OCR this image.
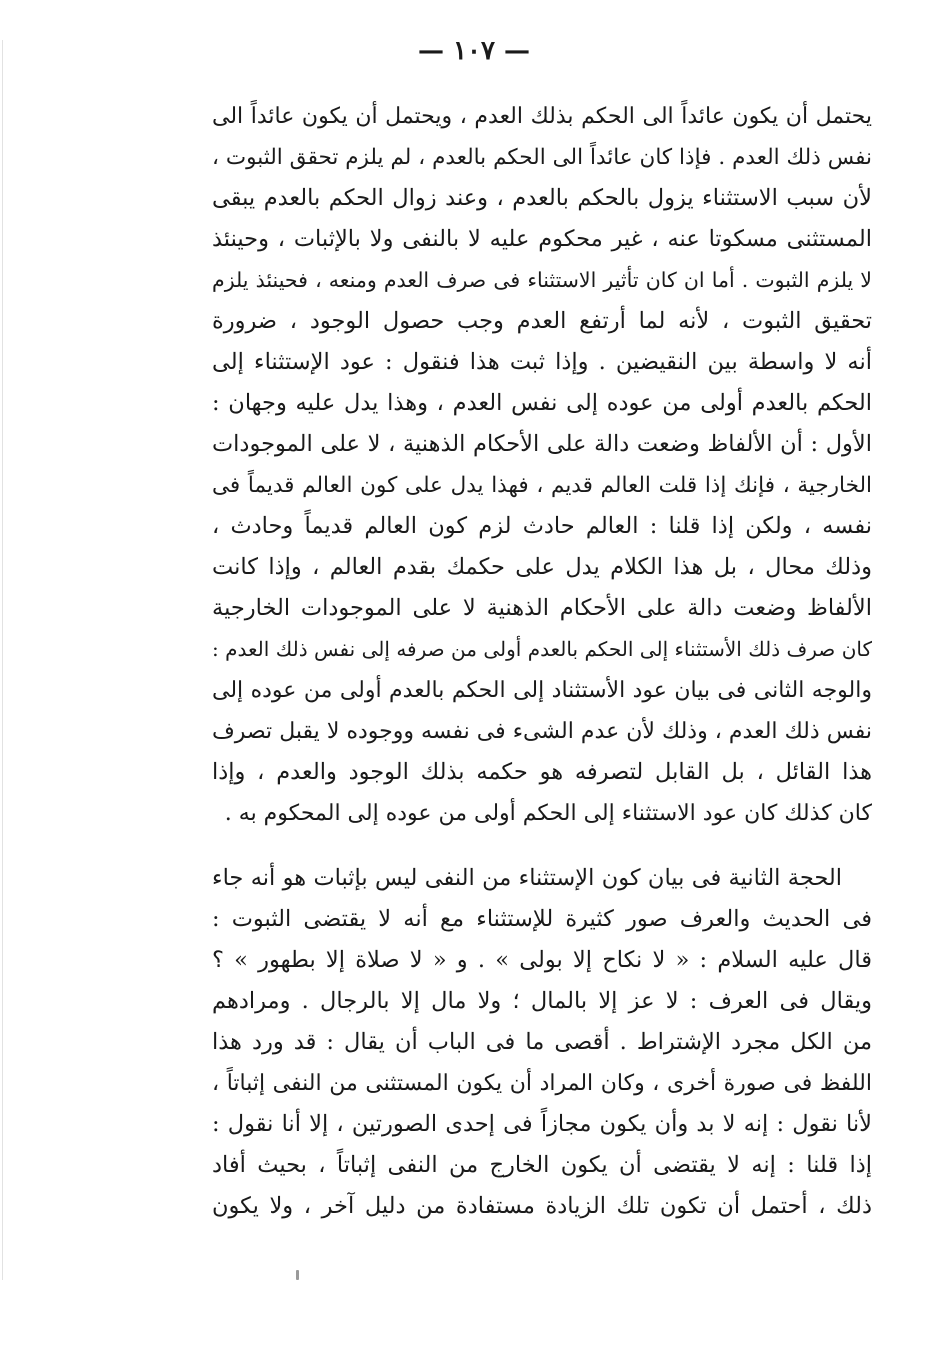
— ١٠٧ —
يحتمل أن يكون عائداً الى الحكم بذلك العدم ، ويحتمل أن يكون عائداً الى
نفس ذلك العدم . فإذا كان عائداً الى الحكم بالعدم ، لم يلزم تحقق الثبوت ،
لأن سبب الاستثناء يزول بالحكم بالعدم ، وعند زوال الحكم بالعدم يبقى
المستثنى مسكوتا عنه ، غير محكوم عليه لا بالنفى ولا بالإثبات ، وحينئذ
لا يلزم الثبوت . أما ان كان تأثير الاستثناء فى صرف العدم ومنعه ، فحينئذ يلزم
تحقيق الثبوت ، لأنه لما أرتفع العدم وجب حصول الوجود ، ضرورة
أنه لا واسطة بين النقيضين . وإذا ثبت هذا فنقول : عود الإستثناء إلى
الحكم بالعدم أولى من عوده إلى نفس العدم ، وهذا يدل عليه وجهان :
الأول : أن الألفاظ وضعت دالة على الأحكام الذهنية ، لا على الموجودات
الخارجية ، فإنك إذا قلت العالم قديم ، فهذا يدل على كون العالم قديماً فى
نفسه ، ولكن إذا قلنا : العالم حادث لزم كون العالم قديماً وحادث ،
وذلك محال ، بل هذا الكلام يدل على حكمك بقدم العالم ، وإذا كانت
الألفاظ وضعت دالة على الأحكام الذهنية لا على الموجودات الخارجية
كان صرف ذلك الأستثناء إلى الحكم بالعدم أولى من صرفه إلى نفس ذلك العدم :
والوجه الثانى فى بيان عود الأستثناد إلى الحكم بالعدم أولى من عوده إلى
نفس ذلك العدم ، وذلك لأن عدم الشىء فى نفسه ووجوده لا يقبل تصرف
هذا القائل ، بل القابل لتصرفه هو حكمه بذلك الوجود والعدم ، وإذا
كان كذلك كان عود الاستثناء إلى الحكم أولى من عوده إلى المحكوم به .
الحجة الثانية فى بيان كون الإستثناء من النفى ليس بإثبات هو أنه جاء
فى الحديث والعرف صور كثيرة للإستثناء مع أنه لا يقتضى الثبوت :
قال عليه السلام : « لا نكاح إلا بولى » . و « لا صلاة إلا بطهور » ؟
ويقال فى العرف : لا عز إلا بالمال ؛ ولا مال إلا بالرجال . ومرادهم
من الكل مجرد الإشتراط . أقصى ما فى الباب أن يقال : قد ورد هذا
اللفظ فى صورة أخرى ، وكان المراد أن يكون المستثنى من النفى إثباتاً ،
لأنا نقول : إنه لا بد وأن يكون مجازاً فى إحدى الصورتين ، إلا أنا نقول :
إذا قلنا : إنه لا يقتضى أن يكون الخارج من النفى إثباتاً ، بحيث أفاد
ذلك ، أحتمل أن تكون تلك الزيادة مستفادة من دليل آخر ، ولا يكون
